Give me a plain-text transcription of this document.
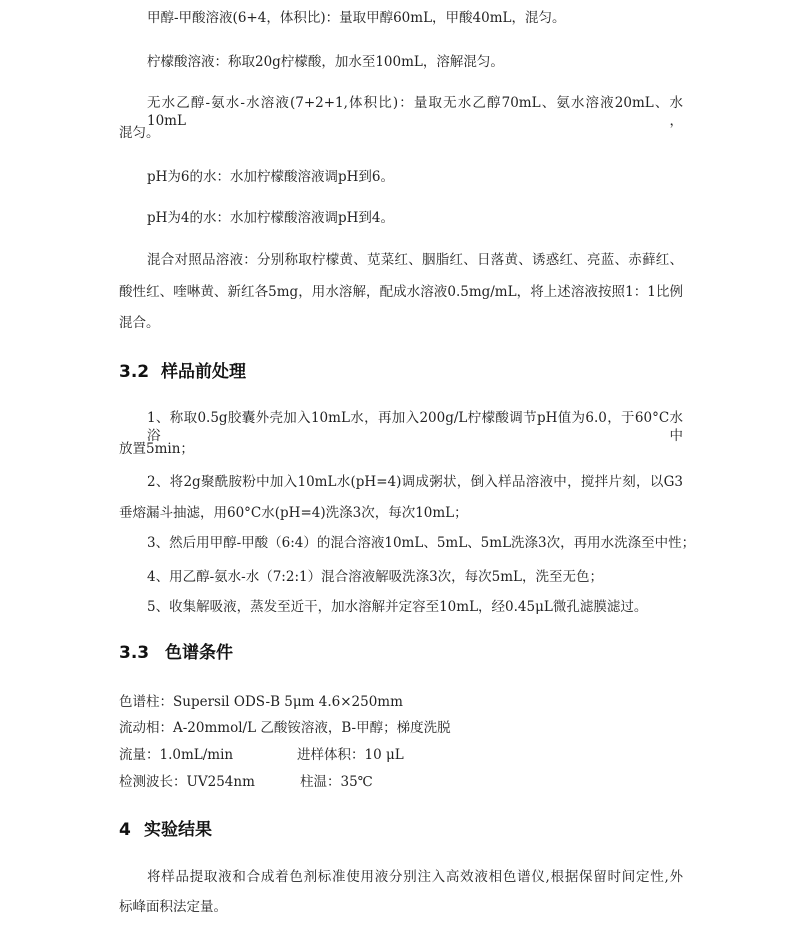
甲醇-甲酸溶液(6+4，体积比)：量取甲醇60mL，甲酸40mL，混匀。
柠檬酸溶液：称取20g柠檬酸，加水至100mL，溶解混匀。
无水乙醇-氨水-水溶液(7+2+1,体积比)：量取无水乙醇70mL、氨水溶液20mL、水10mL，
混匀。
pH为6的水：水加柠檬酸溶液调pH到6。
pH为4的水：水加柠檬酸溶液调pH到4。
混合对照品溶液：分别称取柠檬黄、苋菜红、胭脂红、日落黄、诱惑红、亮蓝、赤藓红、
酸性红、喹啉黄、新红各5mg，用水溶解，配成水溶液0.5mg/mL，将上述溶液按照1：1比例
混合。
3.2 样品前处理
1、称取0.5g胶囊外壳加入10mL水，再加入200g/L柠檬酸调节pH值为6.0，于60°C水浴中
放置5min；
2、将2g聚酰胺粉中加入10mL水(pH=4)调成粥状，倒入样品溶液中，搅拌片刻，以G3
垂熔漏斗抽滤，用60°C水(pH=4)洗涤3次，每次10mL；
3、然后用甲醇-甲酸（6:4）的混合溶液10mL、5mL、5mL洗涤3次，再用水洗涤至中性；
4、用乙醇-氨水-水（7:2:1）混合溶液解吸洗涤3次，每次5mL，洗至无色；
5、收集解吸液，蒸发至近干，加水溶解并定容至10mL，经0.45μL微孔滤膜滤过。
3.3 色谱条件
色谱柱：Supersil ODS-B 5μm 4.6×250mm
流动相：A-20mmol/L 乙酸铵溶液，B-甲醇；梯度洗脱
流量：1.0mL/min	进样体积：10 μL
检测波长：UV254nm	柱温：35℃
4 实验结果
将样品提取液和合成着色剂标准使用液分别注入高效液相色谱仪,根据保留时间定性,外
标峰面积法定量。
